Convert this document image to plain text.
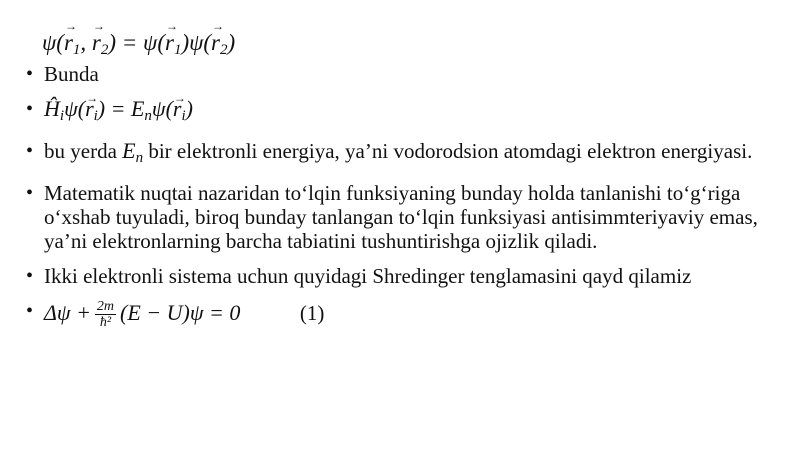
$\psi(r \to_1$, $r \to_2) = \psi(r \to_1)\psi(r \to_2)$
• Bunda
• $Ĥ_i\psi(r \to_i) = E_n\psi(r \to_i)$
• bu yerda $E_n$ bir elektronli energiya, ya’ni vodorodsion atomdagi elektron energiyasi.
• Matematik nuqtai nazaridan to‘lqin funksiyaning bunday holda tanlanishi to‘g‘riga o‘xshab tuyuladi, biroq bunday tanlangan to‘lqin funksiyasi antisimmteriyaviy emas, ya’ni elektronlarning barcha tabiatini tushuntirishga ojizlik qiladi.
• Ikki elektronli sistema uchun quyidagi Shredinger tenglamasini qayd qilamiz
• $\Delta\psi + \frac{2m}{\text{ħ²}} (E - U)\psi = 0$	(1)
